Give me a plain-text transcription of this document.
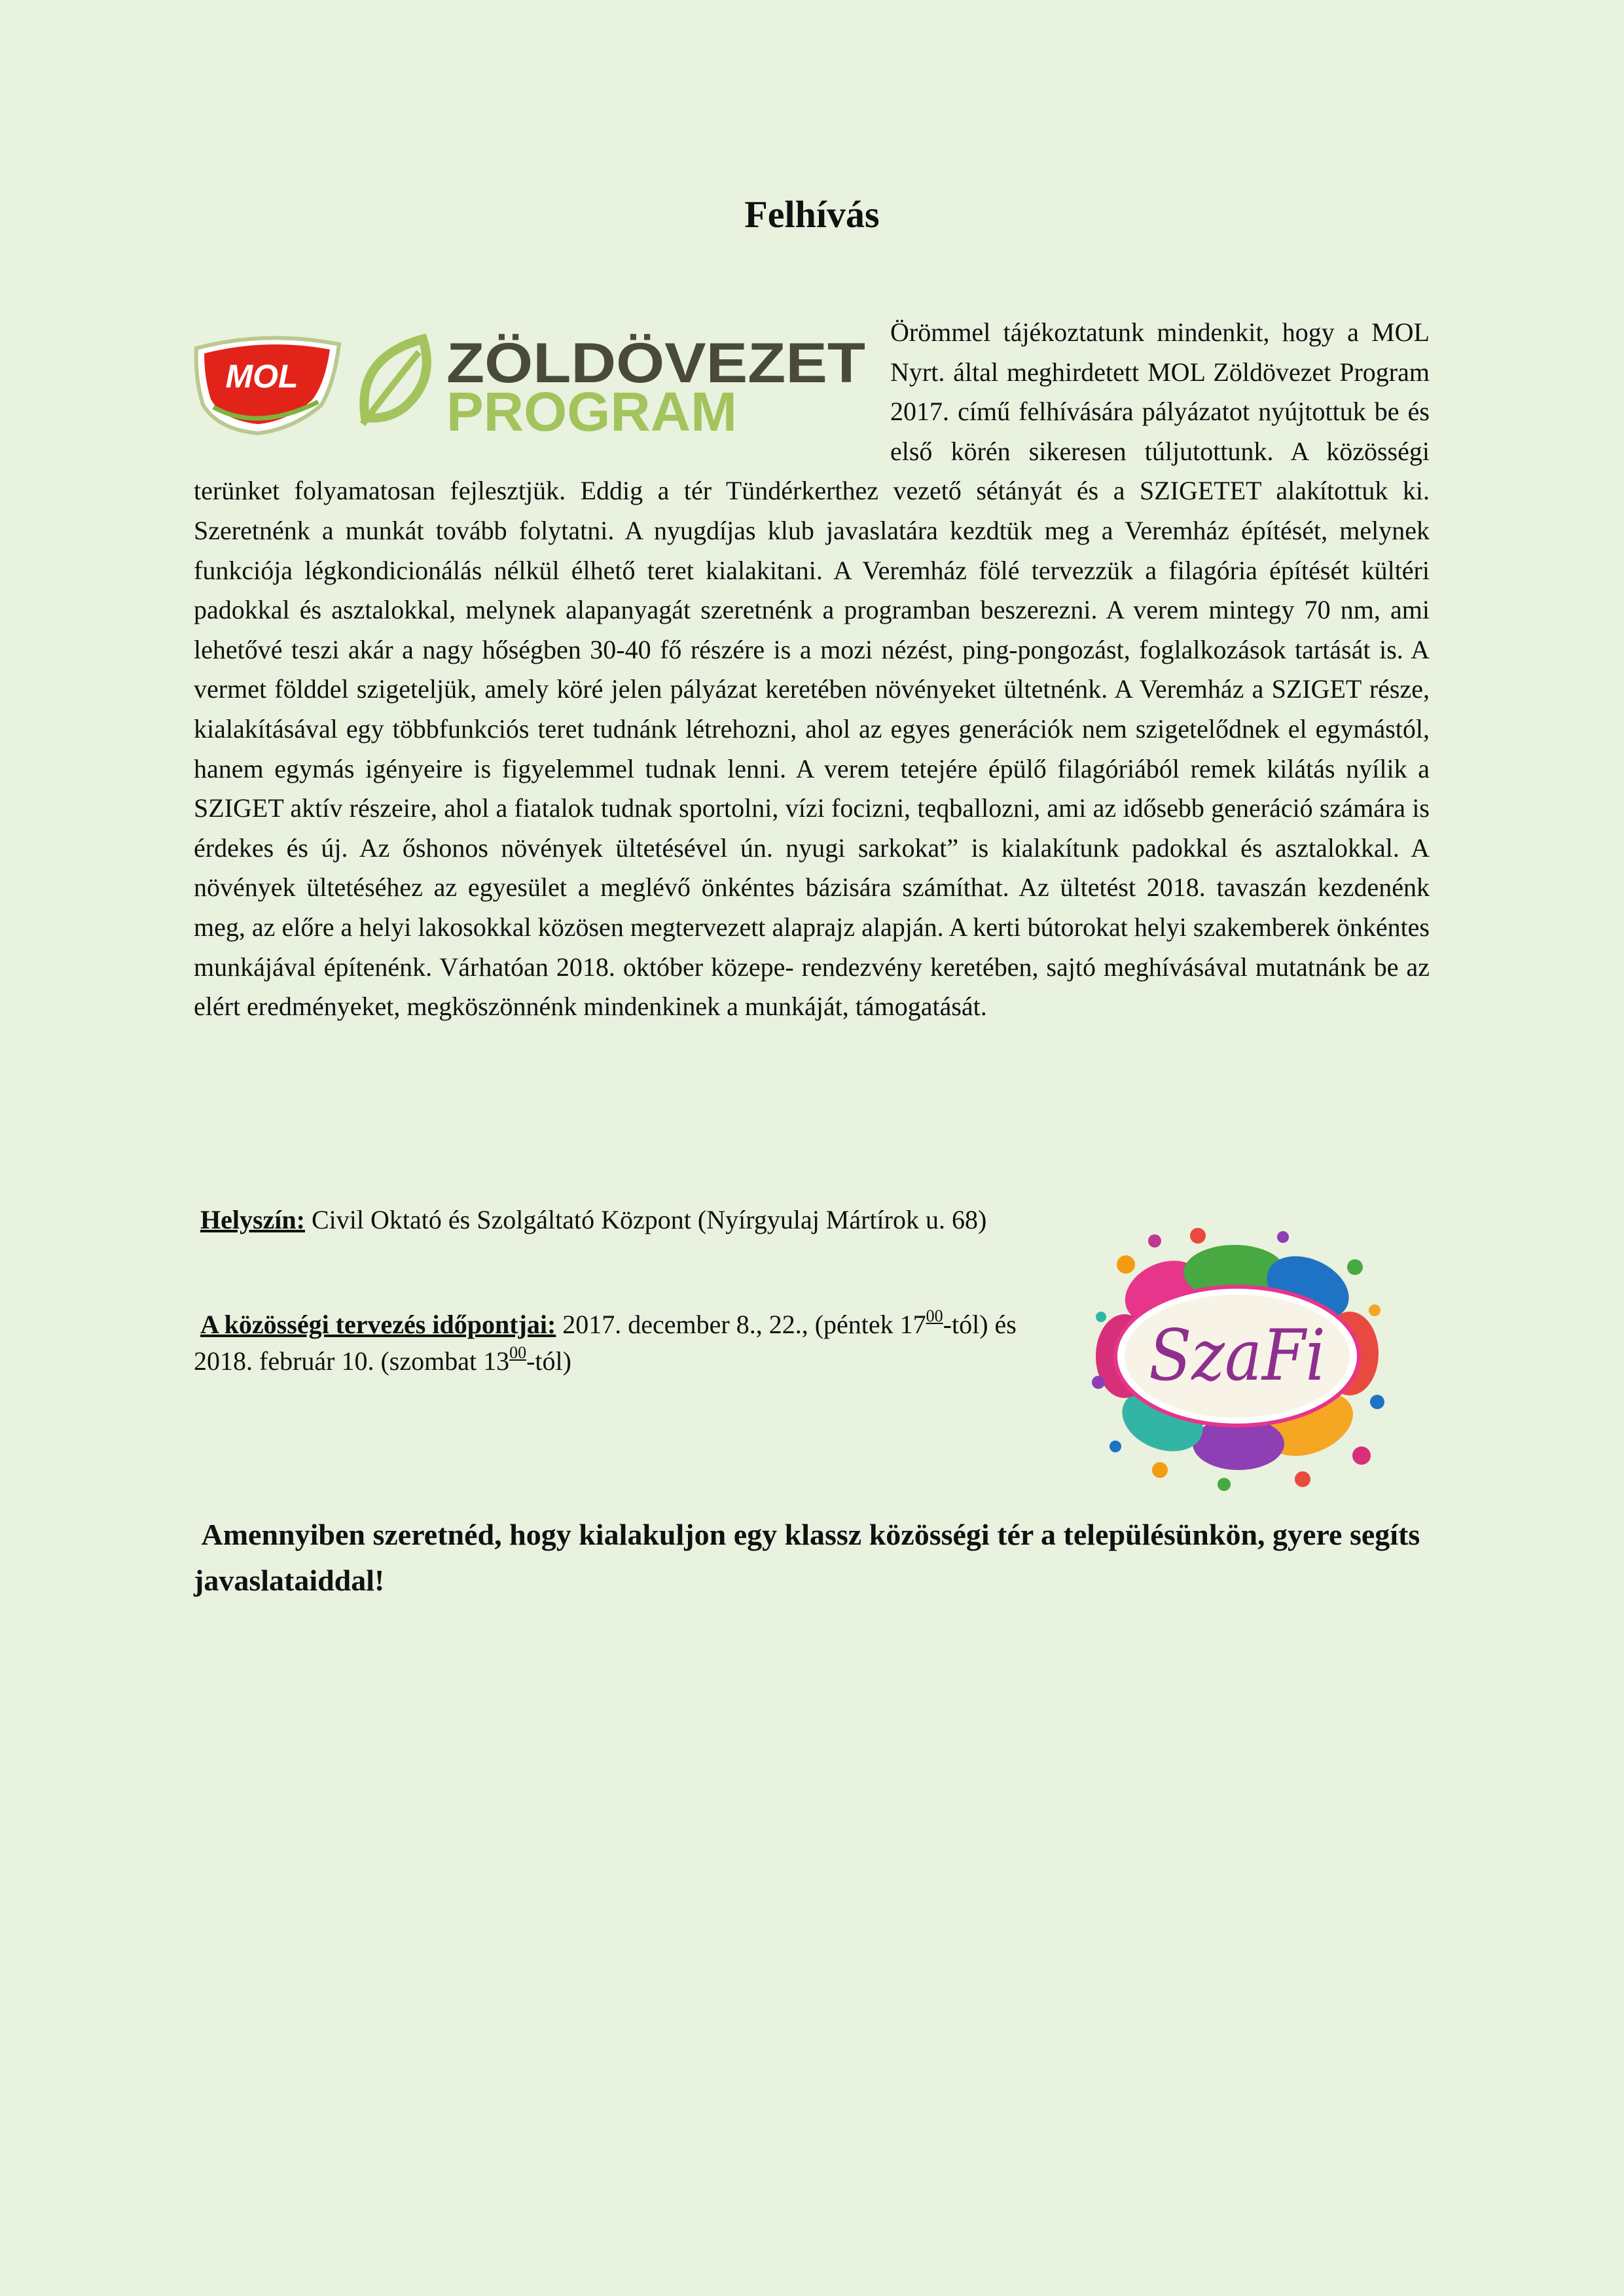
Felhívás

MOL	ZÖLDÖVEZET
PROGRAM
Örömmel tájékoztatunk mindenkit, hogy a MOL Nyrt. által meghirdetett MOL Zöldövezet Program 2017. című felhívására pályázatot nyújtottuk be és első körén sikeresen túljutottunk. A közösségi terünket folyamatosan fejlesztjük. Eddig a tér Tündérkerthez vezető sétányát és a SZIGETET alakítottuk ki. Szeretnénk a munkát tovább folytatni. A nyugdíjas klub javaslatára kezdtük meg a Veremház építését, melynek funkciója légkondicionálás nélkül élhető teret kialakitani. A Veremház fölé tervezzük a filagória építését kültéri padokkal és asztalokkal, melynek alapanyagát szeretnénk a programban beszerezni. A verem mintegy 70 nm, ami lehetővé teszi akár a nagy hőségben 30-40 fő részére is a mozi nézést, ping-pongozást, foglalkozások tartását is. A vermet földdel szigeteljük, amely köré jelen pályázat keretében növényeket ültetnénk. A Veremház a SZIGET része, kialakításával egy többfunkciós teret tudnánk létrehozni, ahol az egyes generációk nem szigetelődnek el egymástól, hanem egymás igényeire is figyelemmel tudnak lenni. A verem tetejére épülő filagóriából remek kilátás nyílik a SZIGET aktív részeire, ahol a fiatalok tudnak sportolni, vízi focizni, teqballozni, ami az idősebb generáció számára is érdekes és új. Az őshonos növények ültetésével ún. nyugi sarkokat” is kialakítunk padokkal és asztalokkal. A növények ültetéséhez az egyesület a meglévő önkéntes bázisára számíthat. Az ültetést 2018. tavaszán kezdenénk meg, az előre a helyi lakosokkal közösen megtervezett alaprajz alapján. A kerti bútorokat helyi szakemberek önkéntes munkájával építenénk. Várhatóan 2018. október közepe- rendezvény keretében, sajtó meghívásával mutatnánk be az elért eredményeket, megköszönnénk mindenkinek a munkáját, támogatását.

Helyszín: Civil Oktató és Szolgáltató Központ (Nyírgyulaj Mártírok u. 68)

A közösségi tervezés időpontjai: 2017. december 8., 22., (péntek $17^{00}-tól$) és 2018. február 10. (szombat $13^{00}-tól$)	SzaFi

Amennyiben szeretnéd, hogy kialakuljon egy klassz közösségi tér a településünkön, gyere segíts javaslataiddal!
